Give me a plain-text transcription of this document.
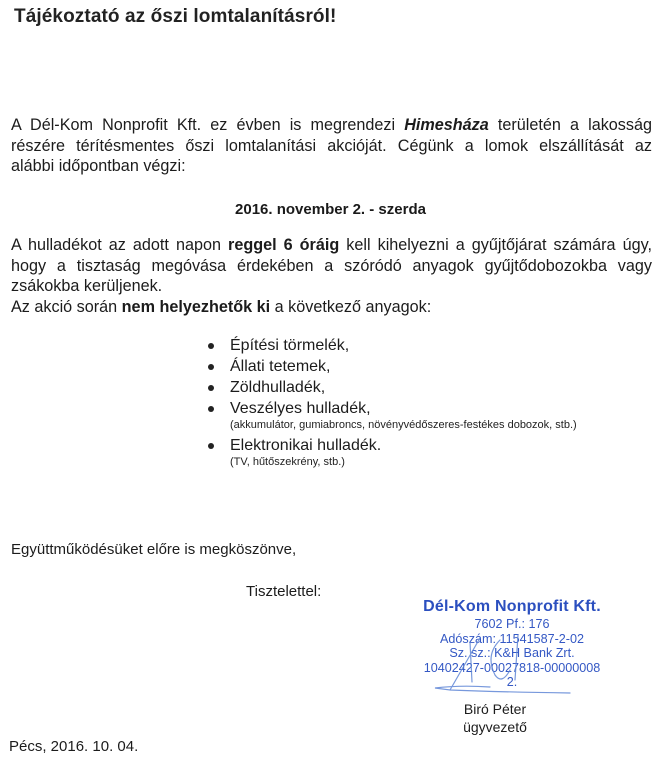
Tájékoztató az őszi lomtalanításról!
A Dél-Kom Nonprofit Kft. ez évben is megrendezi Himesháza területén a lakosság
részére térítésmentes őszi lomtalanítási akcióját. Cégünk a lomok elszállítását az
alábbi időpontban végzi:
2016. november 2. - szerda
A hulladékot az adott napon reggel 6 óráig kell kihelyezni a gyűjtőjárat számára úgy,
hogy a tisztaság megóvása érdekében a szóródó anyagok gyűjtődobozokba vagy
zsákokba kerüljenek.
Az akció során nem helyezhetők ki a következő anyagok:
Építési törmelék,
Állati tetemek,
Zöldhulladék,
Veszélyes hulladék,
(akkumulátor, gumiabroncs, növényvédőszeres-festékes dobozok, stb.)
Elektronikai hulladék.
(TV, hűtőszekrény, stb.)
Együttműködésüket előre is megköszönve,
Tisztelettel:
Dél-Kom Nonprofit Kft.
7602 Pf.: 176
Adószám: 11541587-2-02
Sz. sz.: K&H Bank Zrt.
10402427-00027818-00000008
2.
Biró Péter
ügyvezető
Pécs, 2016. 10. 04.
